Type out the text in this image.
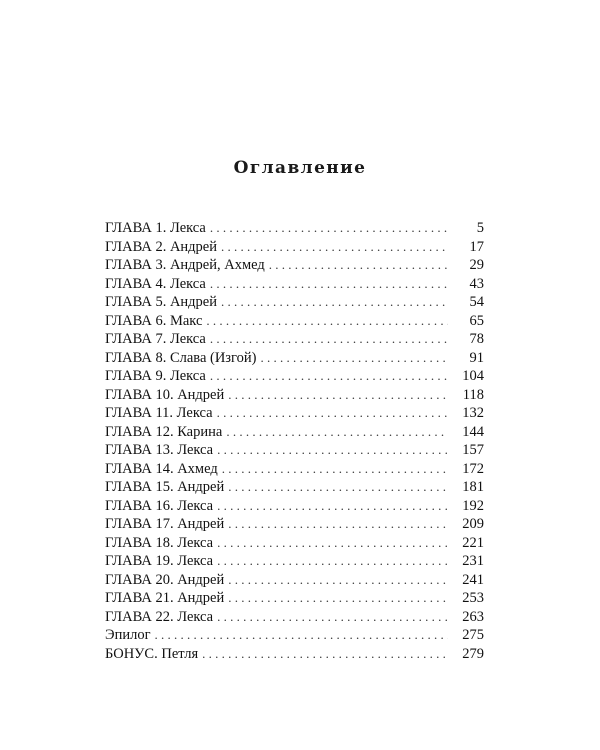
Оглавление
ГЛАВА 1. Лекса . . .	5
ГЛАВА 2. Андрей . . .	17
ГЛАВА 3. Андрей, Ахмед . . .	29
ГЛАВА 4. Лекса . . .	43
ГЛАВА 5. Андрей . . .	54
ГЛАВА 6. Макс . . .	65
ГЛАВА 7. Лекса . . .	78
ГЛАВА 8. Слава (Изгой) . . .	91
ГЛАВА 9. Лекса . . .	104
ГЛАВА 10. Андрей . . .	118
ГЛАВА 11. Лекса . . .	132
ГЛАВА 12. Карина . . .	144
ГЛАВА 13. Лекса . . .	157
ГЛАВА 14. Ахмед . . .	172
ГЛАВА 15. Андрей . . .	181
ГЛАВА 16. Лекса . . .	192
ГЛАВА 17. Андрей . . .	209
ГЛАВА 18. Лекса . . .	221
ГЛАВА 19. Лекса . . .	231
ГЛАВА 20. Андрей . . .	241
ГЛАВА 21. Андрей . . .	253
ГЛАВА 22. Лекса . . .	263
Эпилог . . .	275
БОНУС. Петля . . .	279
